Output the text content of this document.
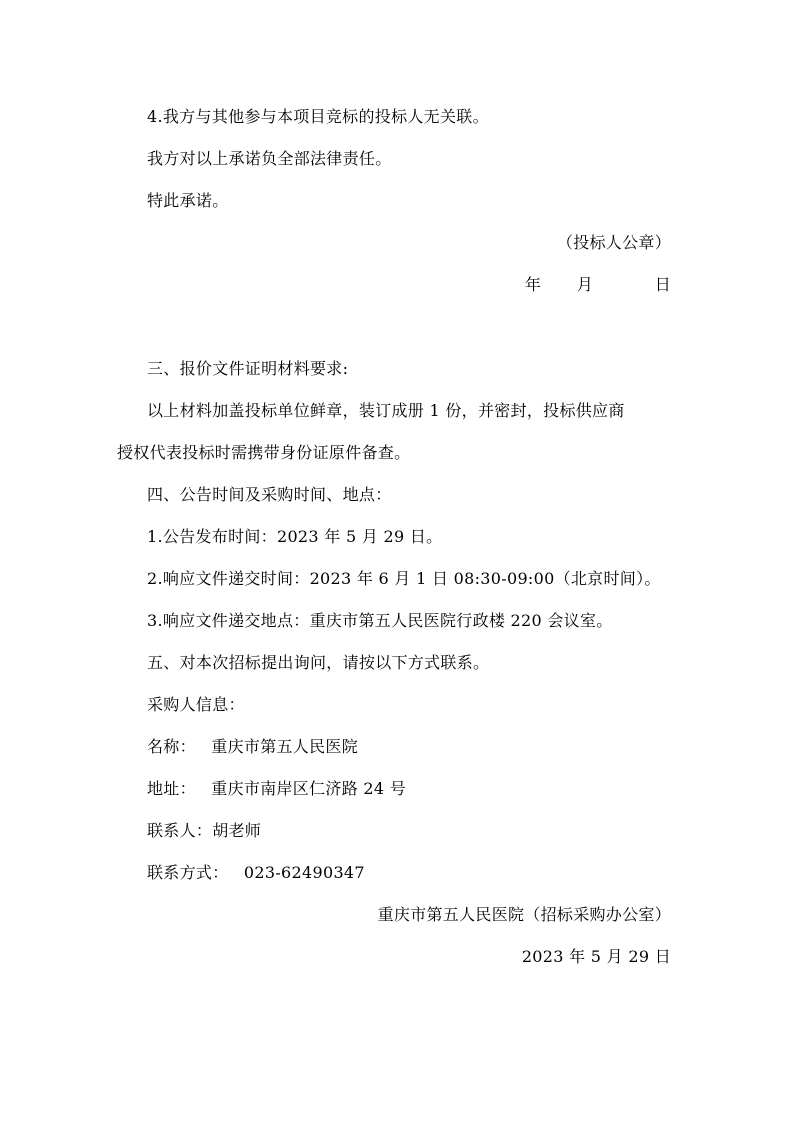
4.我方与其他参与本项目竞标的投标人无关联。
我方对以上承诺负全部法律责任。
特此承诺。
（投标人公章）
年 月	日
三、报价文件证明材料要求:
以上材料加盖投标单位鲜章，装订成册 1 份，并密封，投标供应商
授权代表投标时需携带身份证原件备查。
四、公告时间及采购时间、地点：
1.公告发布时间：2023 年 5 月 29 日。
2.响应文件递交时间：2023 年 6 月 1 日 08:30-09:00（北京时间）。
3.响应文件递交地点：重庆市第五人民医院行政楼 220 会议室。
五、对本次招标提出询问，请按以下方式联系。
采购人信息：
名称： 重庆市第五人民医院
地址： 重庆市南岸区仁济路 24 号
联系人：胡老师
联系方式： 023-62490347
重庆市第五人民医院（招标采购办公室）
2023 年 5 月 29 日
